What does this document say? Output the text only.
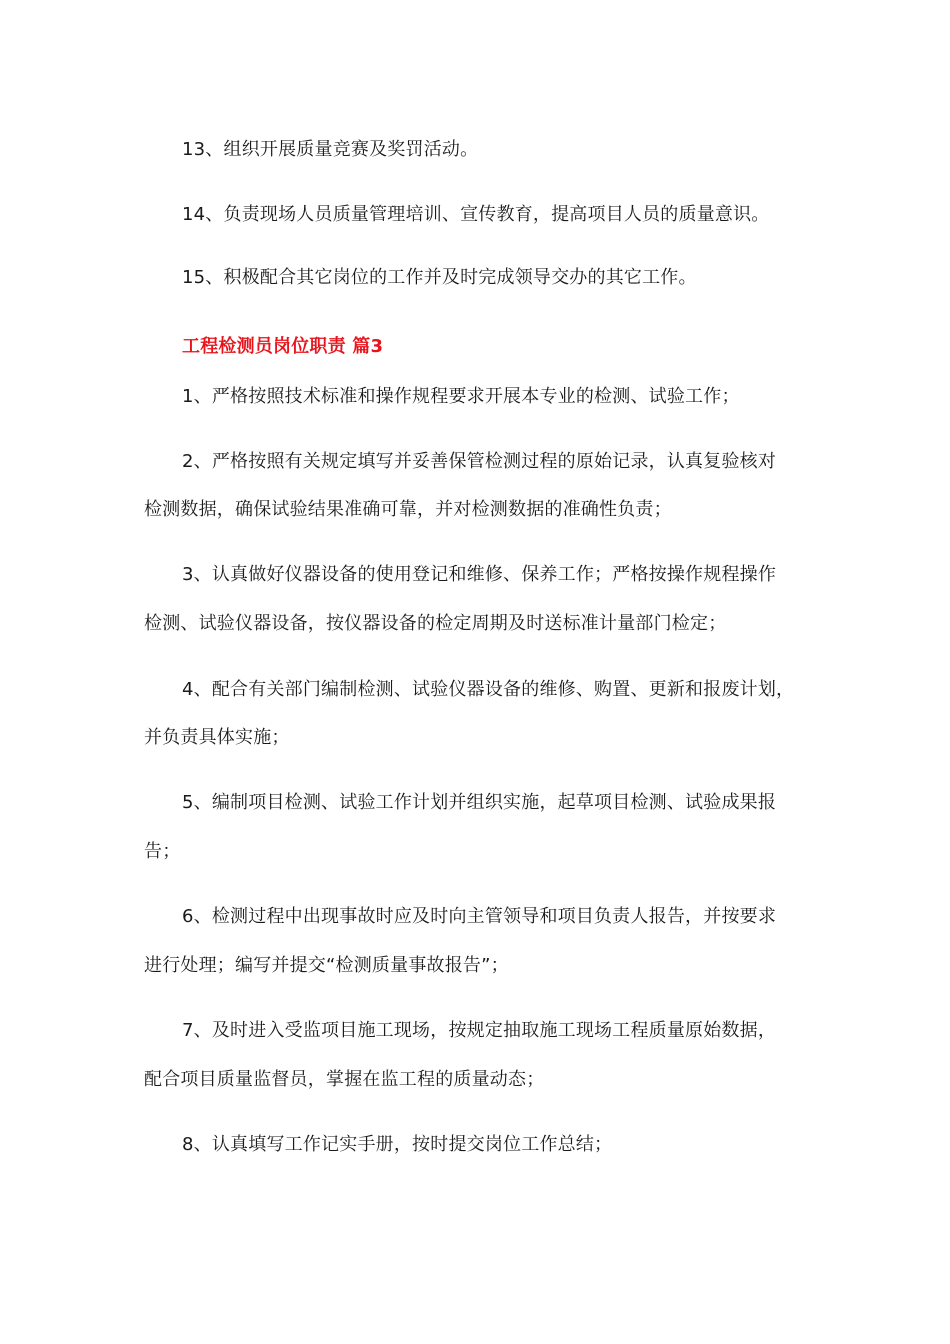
13、组织开展质量竞赛及奖罚活动。
14、负责现场人员质量管理培训、宣传教育，提高项目人员的质量意识。
15、积极配合其它岗位的工作并及时完成领导交办的其它工作。
工程检测员岗位职责 篇3
1、严格按照技术标准和操作规程要求开展本专业的检测、试验工作；
2、严格按照有关规定填写并妥善保管检测过程的原始记录，认真复验核对
检测数据，确保试验结果准确可靠，并对检测数据的准确性负责；
3、认真做好仪器设备的使用登记和维修、保养工作；严格按操作规程操作
检测、试验仪器设备，按仪器设备的检定周期及时送标准计量部门检定；
4、配合有关部门编制检测、试验仪器设备的维修、购置、更新和报废计划，
并负责具体实施；
5、编制项目检测、试验工作计划并组织实施，起草项目检测、试验成果报
告；
6、检测过程中出现事故时应及时向主管领导和项目负责人报告，并按要求
进行处理；编写并提交“检测质量事故报告”；
7、及时进入受监项目施工现场，按规定抽取施工现场工程质量原始数据，
配合项目质量监督员，掌握在监工程的质量动态；
8、认真填写工作记实手册，按时提交岗位工作总结；
